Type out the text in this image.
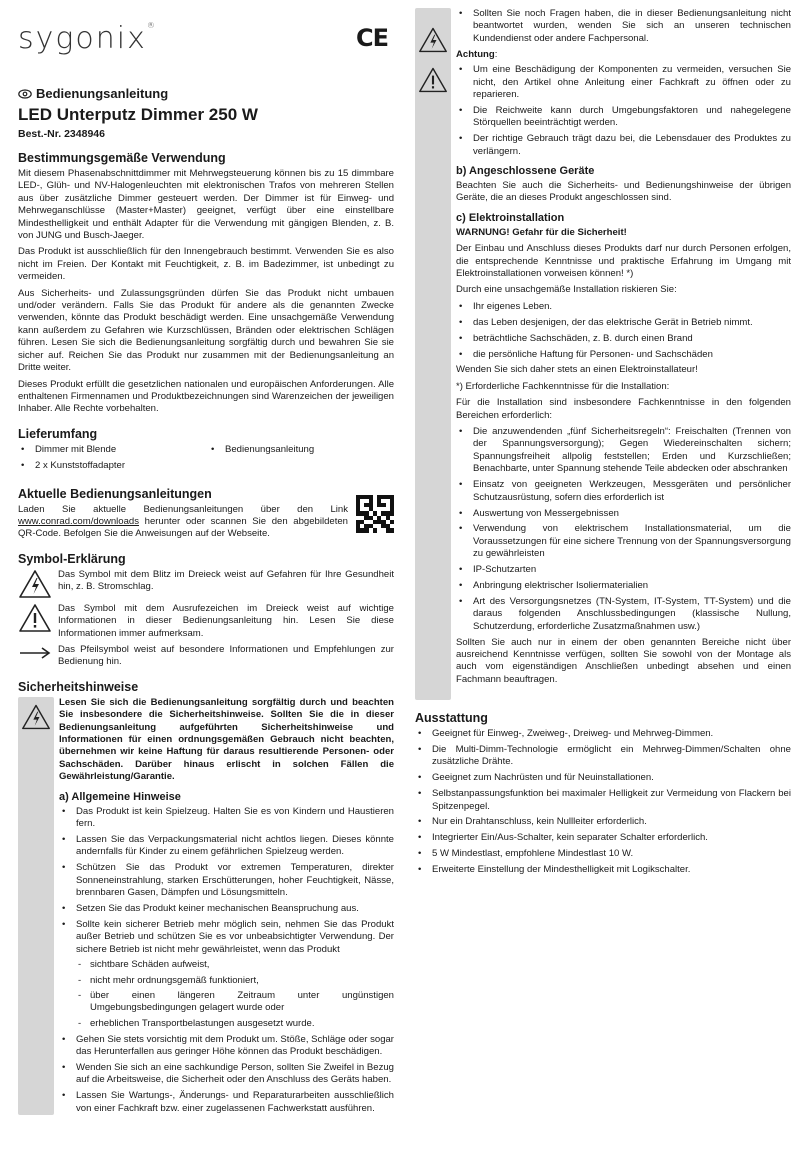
sygonix®	CE
Bedienungsanleitung
LED Unterputz Dimmer 250 W
Best.-Nr. 2348946
Bestimmungsgemäße Verwendung

Mit diesem Phasenabschnittdimmer mit Mehrwegsteuerung können bis zu 15 dimmbare LED-, Glüh- und NV-Halogenleuchten mit elektronischen Trafos von mehreren Stellen aus über zusätzliche Dimmer gesteuert werden. Der Dimmer ist für Einweg- und Mehrweganschlüsse (Master+Master) geeignet, verfügt über eine einstellbare Mindesthelligkeit und enthält Adapter für die Verwendung mit gängigen Blenden, z. B. von JUNG und Busch-Jaeger.

Das Produkt ist ausschließlich für den Innengebrauch bestimmt. Verwenden Sie es also nicht im Freien. Der Kontakt mit Feuchtigkeit, z. B. im Badezimmer, ist unbedingt zu vermeiden.

Aus Sicherheits- und Zulassungsgründen dürfen Sie das Produkt nicht umbauen und/oder verändern. Falls Sie das Produkt für andere als die genannten Zwecke verwenden, könnte das Produkt beschädigt werden. Eine unsachgemäße Verwendung kann außerdem zu Gefahren wie Kurzschlüssen, Bränden oder elektrischen Schlägen führen. Lesen Sie sich die Bedienungsanleitung sorgfältig durch und bewahren Sie sie sicher auf. Reichen Sie das Produkt nur zusammen mit der Bedienungsanleitung an Dritte weiter.

Dieses Produkt erfüllt die gesetzlichen nationalen und europäischen Anforderungen. Alle enthaltenen Firmennamen und Produktbezeichnungen sind Warenzeichen der jeweiligen Inhaber. Alle Rechte vorbehalten.

Lieferumfang
• Dimmer mit Blende
•	Bedienungsanleitung
• 2 x Kunststoffadapter
Aktuelle Bedienungsanleitungen

Laden Sie aktuelle Bedienungsanleitungen über den Link www.conrad.com/downloads herunter oder scannen Sie den abgebildeten QR-Code. Befolgen Sie die Anweisungen auf der Webseite.

Symbol-Erklärung

Das Symbol mit dem Blitz im Dreieck weist auf Gefahren für Ihre Gesundheit hin, z. B. Stromschlag.

Das Symbol mit dem Ausrufezeichen im Dreieck weist auf wichtige Informationen in dieser Bedienungsanleitung hin. Lesen Sie diese Informationen immer aufmerksam.

Das Pfeilsymbol weist auf besondere Informationen und Empfehlungen zur Bedienung hin.

Sicherheitshinweise

Lesen Sie sich die Bedienungsanleitung sorgfältig durch und beachten Sie insbesondere die Sicherheitshinweise. Sollten Sie die in dieser Bedienungsanleitung aufgeführten Sicherheitshinweise und Informationen für einen ordnungsgemäßen Gebrauch nicht beachten, übernehmen wir keine Haftung für daraus resultierende Personen- oder Sachschäden. Darüber hinaus erlischt in solchen Fällen die Gewährleistung/Garantie.

a) Allgemeine Hinweise
• Das Produkt ist kein Spielzeug. Halten Sie es von Kindern und Haustieren fern.
• Lassen Sie das Verpackungsmaterial nicht achtlos liegen. Dieses könnte andernfalls für Kinder zu einem gefährlichen Spielzeug werden.
• Schützen Sie das Produkt vor extremen Temperaturen, direkter Sonneneinstrahlung, starken Erschütterungen, hoher Feuchtigkeit, Nässe, brennbaren Gasen, Dämpfen und Lösungsmitteln.
• Setzen Sie das Produkt keiner mechanischen Beanspruchung aus.
• Sollte kein sicherer Betrieb mehr möglich sein, nehmen Sie das Produkt außer Betrieb und schützen Sie es vor unbeabsichtigter Verwendung. Der sichere Betrieb ist nicht mehr gewährleistet, wenn das Produkt
- sichtbare Schäden aufweist,
- nicht mehr ordnungsgemäß funktioniert,
- über einen längeren Zeitraum unter ungünstigen Umgebungsbedingungen gelagert wurde oder
- erheblichen Transportbelastungen ausgesetzt wurde.
• Gehen Sie stets vorsichtig mit dem Produkt um. Stöße, Schläge oder sogar das Herunterfallen aus geringer Höhe können das Produkt beschädigen.
• Wenden Sie sich an eine sachkundige Person, sollten Sie Zweifel in Bezug auf die Arbeitsweise, die Sicherheit oder den Anschluss des Geräts haben.
• Lassen Sie Wartungs-, Änderungs- und Reparaturarbeiten ausschließlich von einer Fachkraft bzw. einer zugelassenen Fachwerkstatt ausführen.
• Sollten Sie noch Fragen haben, die in dieser Bedienungsanleitung nicht beantwortet wurden, wenden Sie sich an unseren technischen Kundendienst oder andere Fachpersonal.

Achtung:

• Um eine Beschädigung der Komponenten zu vermeiden, versuchen Sie nicht, den Artikel ohne Anleitung einer Fachkraft zu öffnen oder zu reparieren.
• Die Reichweite kann durch Umgebungsfaktoren und nahegelegene Störquellen beeinträchtigt werden.
• Der richtige Gebrauch trägt dazu bei, die Lebensdauer des Produktes zu verlängern.
b) Angeschlossene Geräte

Beachten Sie auch die Sicherheits- und Bedienungshinweise der übrigen Geräte, die an dieses Produkt angeschlossen sind.

c) Elektroinstallation

WARNUNG! Gefahr für die Sicherheit!

Der Einbau und Anschluss dieses Produkts darf nur durch Personen erfolgen, die entsprechende Kenntnisse und praktische Erfahrung im Umgang mit Elektroinstallationen vorweisen können! *)

Durch eine unsachgemäße Installation riskieren Sie:

• Ihr eigenes Leben.
• das Leben desjenigen, der das elektrische Gerät in Betrieb nimmt.
• beträchtliche Sachschäden, z. B. durch einen Brand
• die persönliche Haftung für Personen- und Sachschäden

Wenden Sie sich daher stets an einen Elektroinstallateur!

*) Erforderliche Fachkenntnisse für die Installation:

Für die Installation sind insbesondere Fachkenntnisse in den folgenden Bereichen erforderlich:

• Die anzuwendenden „fünf Sicherheitsregeln“: Freischalten (Trennen von der Spannungsversorgung); Gegen Wiedereinschalten sichern; Spannungsfreiheit allpolig feststellen; Erden und Kurzschließen; Benachbarte, unter Spannung stehende Teile abdecken oder abschranken
• Einsatz von geeigneten Werkzeugen, Messgeräten und persönlicher Schutzausrüstung, sofern dies erforderlich ist
• Auswertung von Messergebnissen
• Verwendung von elektrischem Installationsmaterial, um die Voraussetzungen für eine sichere Trennung von der Spannungsversorgung zu gewährleisten
• IP-Schutzarten
• Anbringung elektrischer Isoliermaterialien
• Art des Versorgungsnetzes (TN-System, IT-System, TT-System) und die daraus folgenden Anschlussbedingungen (klassische Nullung, Schutzerdung, erforderliche Zusatzmaßnahmen usw.)

Sollten Sie auch nur in einem der oben genannten Bereiche nicht über ausreichend Kenntnisse verfügen, sollten Sie sowohl von der Montage als auch vom eigenständigen Anschließen unbedingt absehen und einen Fachmann beauftragen.

Ausstattung
• Geeignet für Einweg-, Zweiweg-, Dreiweg- und Mehrweg-Dimmen.
• Die Multi-Dimm-Technologie ermöglicht ein Mehrweg-Dimmen/Schalten ohne zusätzliche Drähte.
• Geeignet zum Nachrüsten und für Neuinstallationen.
• Selbstanpassungsfunktion bei maximaler Helligkeit zur Vermeidung von Flackern bei Spitzenpegel.
• Nur ein Drahtanschluss, kein Nullleiter erforderlich.
• Integrierter Ein/Aus-Schalter, kein separater Schalter erforderlich.
• 5 W Mindestlast, empfohlene Mindestlast 10 W.
• Erweiterte Einstellung der Mindesthelligkeit mit Logikschalter.
